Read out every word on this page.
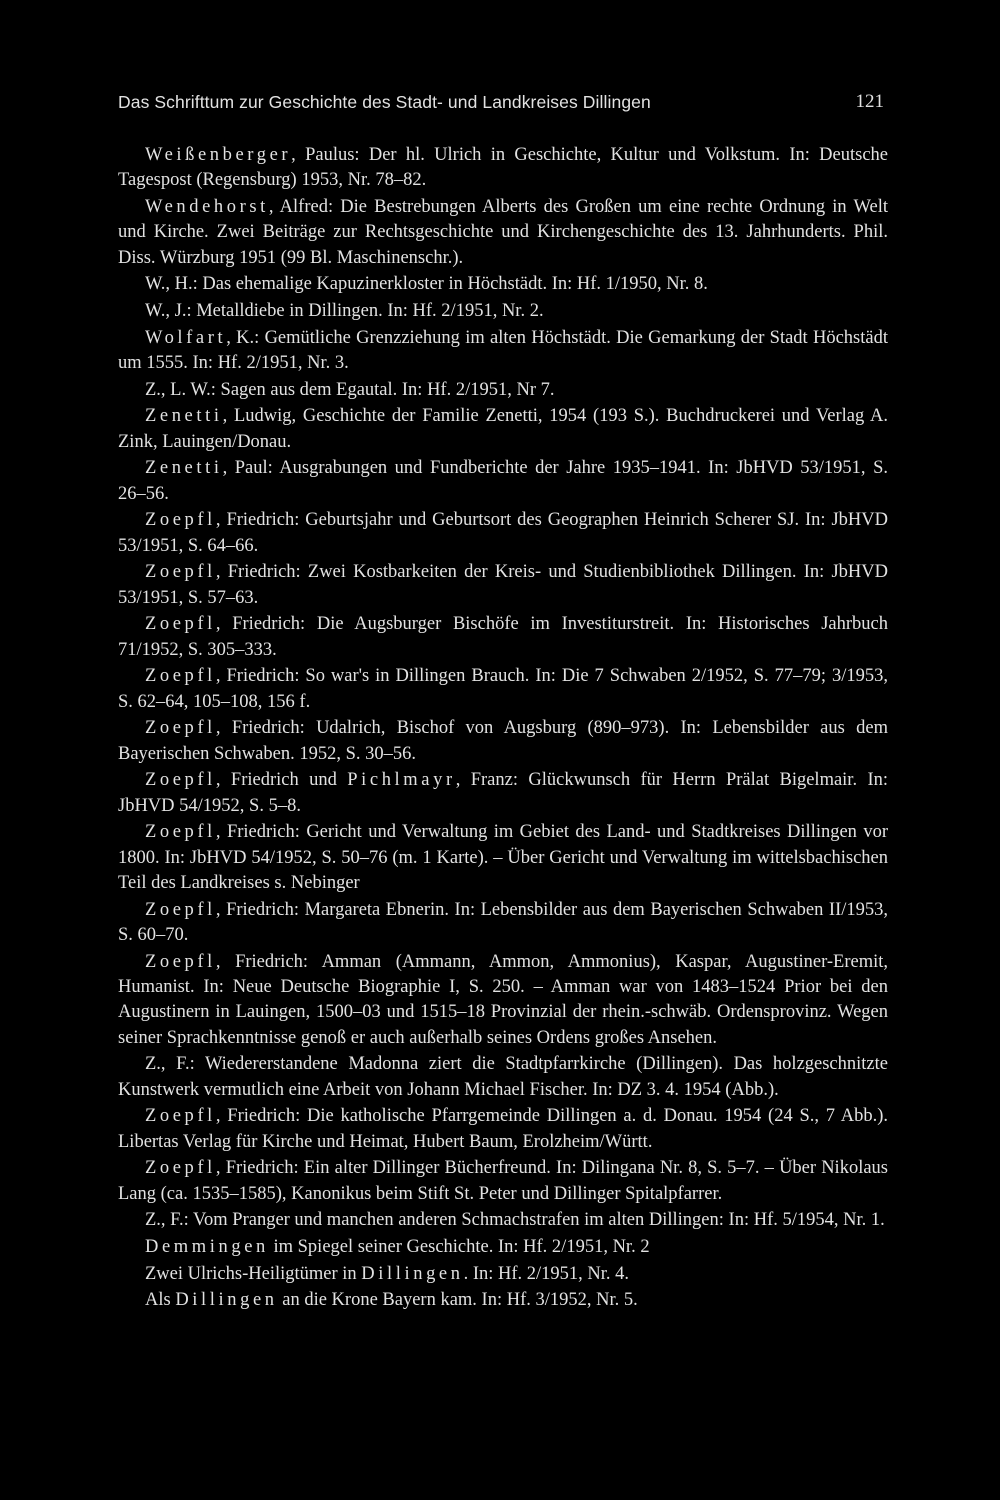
Das Schrifttum zur Geschichte des Stadt- und Landkreises Dillingen	121

Weißenberger, Paulus: Der hl. Ulrich in Geschichte, Kultur und Volkstum. In: Deutsche Tagespost (Regensburg) 1953, Nr. 78–82.

Wendehorst, Alfred: Die Bestrebungen Alberts des Großen um eine rechte Ordnung in Welt und Kirche. Zwei Beiträge zur Rechtsgeschichte und Kirchengeschichte des 13. Jahrhunderts. Phil. Diss. Würzburg 1951 (99 Bl. Maschinenschr.).

W., H.: Das ehemalige Kapuzinerkloster in Höchstädt. In: Hf. 1/1950, Nr. 8.

W., J.: Metalldiebe in Dillingen. In: Hf. 2/1951, Nr. 2.

Wolfart, K.: Gemütliche Grenzziehung im alten Höchstädt. Die Gemarkung der Stadt Höchstädt um 1555. In: Hf. 2/1951, Nr. 3.

Z., L. W.: Sagen aus dem Egautal. In: Hf. 2/1951, Nr 7.

Zenetti, Ludwig, Geschichte der Familie Zenetti, 1954 (193 S.). Buchdruckerei und Verlag A. Zink, Lauingen/Donau.

Zenetti, Paul: Ausgrabungen und Fundberichte der Jahre 1935–1941. In: JbHVD 53/1951, S. 26–56.

Zoepfl, Friedrich: Geburtsjahr und Geburtsort des Geographen Heinrich Scherer SJ. In: JbHVD 53/1951, S. 64–66.

Zoepfl, Friedrich: Zwei Kostbarkeiten der Kreis- und Studienbibliothek Dillingen. In: JbHVD 53/1951, S. 57–63.

Zoepfl, Friedrich: Die Augsburger Bischöfe im Investiturstreit. In: Historisches Jahrbuch 71/1952, S. 305–333.

Zoepfl, Friedrich: So war's in Dillingen Brauch. In: Die 7 Schwaben 2/1952, S. 77–79; 3/1953, S. 62–64, 105–108, 156 f.

Zoepfl, Friedrich: Udalrich, Bischof von Augsburg (890–973). In: Lebensbilder aus dem Bayerischen Schwaben. 1952, S. 30–56.

Zoepfl, Friedrich und Pichlmayr, Franz: Glückwunsch für Herrn Prälat Bigelmair. In: JbHVD 54/1952, S. 5–8.

Zoepfl, Friedrich: Gericht und Verwaltung im Gebiet des Land- und Stadtkreises Dillingen vor 1800. In: JbHVD 54/1952, S. 50–76 (m. 1 Karte). – Über Gericht und Verwaltung im wittelsbachischen Teil des Landkreises s. Nebinger

Zoepfl, Friedrich: Margareta Ebnerin. In: Lebensbilder aus dem Bayerischen Schwaben II/1953, S. 60–70.

Zoepfl, Friedrich: Amman (Ammann, Ammon, Ammonius), Kaspar, Augustiner-Eremit, Humanist. In: Neue Deutsche Biographie I, S. 250. – Amman war von 1483–1524 Prior bei den Augustinern in Lauingen, 1500–03 und 1515–18 Provinzial der rhein.-schwäb. Ordensprovinz. Wegen seiner Sprachkenntnisse genoß er auch außerhalb seines Ordens großes Ansehen.

Z., F.: Wiedererstandene Madonna ziert die Stadtpfarrkirche (Dillingen). Das holzgeschnitzte Kunstwerk vermutlich eine Arbeit von Johann Michael Fischer. In: DZ 3. 4. 1954 (Abb.).

Zoepfl, Friedrich: Die katholische Pfarrgemeinde Dillingen a. d. Donau. 1954 (24 S., 7 Abb.). Libertas Verlag für Kirche und Heimat, Hubert Baum, Erolzheim/Württ.

Zoepfl, Friedrich: Ein alter Dillinger Bücherfreund. In: Dilingana Nr. 8, S. 5–7. – Über Nikolaus Lang (ca. 1535–1585), Kanonikus beim Stift St. Peter und Dillinger Spitalpfarrer.

Z., F.: Vom Pranger und manchen anderen Schmachstrafen im alten Dillingen: In: Hf. 5/1954, Nr. 1.

Demmingen im Spiegel seiner Geschichte. In: Hf. 2/1951, Nr. 2

Zwei Ulrichs-Heiligtümer in Dillingen. In: Hf. 2/1951, Nr. 4.

Als Dillingen an die Krone Bayern kam. In: Hf. 3/1952, Nr. 5.
